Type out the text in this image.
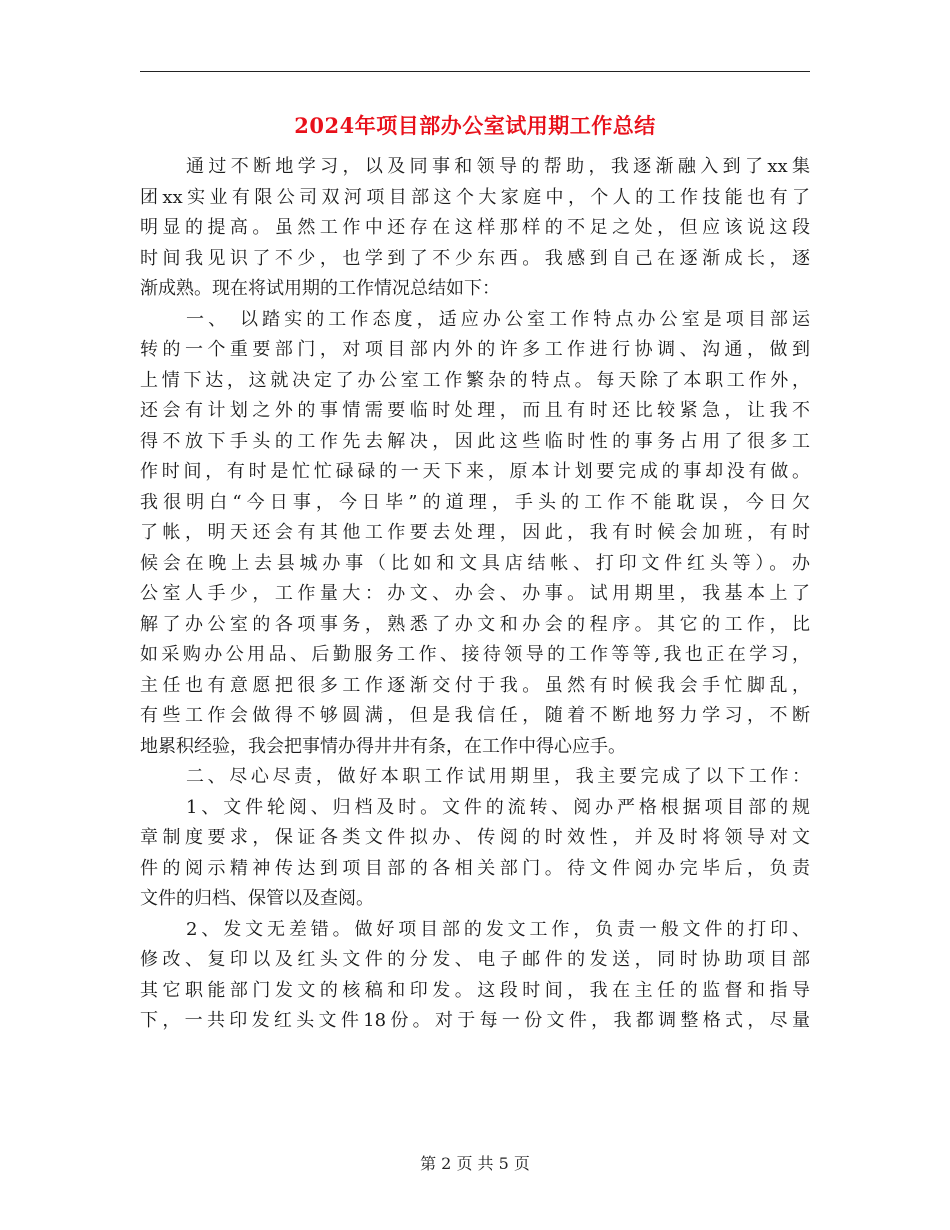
2024年项目部办公室试用期工作总结
通过不断地学习，以及同事和领导的帮助，我逐渐融入到了xx集
团xx实业有限公司双河项目部这个大家庭中，个人的工作技能也有了
明显的提高。虽然工作中还存在这样那样的不足之处，但应该说这段
时间我见识了不少，也学到了不少东西。我感到自己在逐渐成长，逐
渐成熟。现在将试用期的工作情况总结如下：
一、 以踏实的工作态度，适应办公室工作特点办公室是项目部运
转的一个重要部门，对项目部内外的许多工作进行协调、沟通，做到
上情下达，这就决定了办公室工作繁杂的特点。每天除了本职工作外，
还会有计划之外的事情需要临时处理，而且有时还比较紧急，让我不
得不放下手头的工作先去解决，因此这些临时性的事务占用了很多工
作时间，有时是忙忙碌碌的一天下来，原本计划要完成的事却没有做。
我很明白“今日事，今日毕”的道理，手头的工作不能耽误，今日欠
了帐，明天还会有其他工作要去处理，因此，我有时候会加班，有时
候会在晚上去县城办事（比如和文具店结帐、打印文件红头等）。办
公室人手少，工作量大：办文、办会、办事。试用期里，我基本上了
解了办公室的各项事务，熟悉了办文和办会的程序。其它的工作，比
如采购办公用品、后勤服务工作、接待领导的工作等等,我也正在学习，
主任也有意愿把很多工作逐渐交付于我。虽然有时候我会手忙脚乱，
有些工作会做得不够圆满，但是我信任，随着不断地努力学习，不断
地累积经验，我会把事情办得井井有条，在工作中得心应手。
二、尽心尽责，做好本职工作试用期里，我主要完成了以下工作：
1、文件轮阅、归档及时。文件的流转、阅办严格根据项目部的规
章制度要求，保证各类文件拟办、传阅的时效性，并及时将领导对文
件的阅示精神传达到项目部的各相关部门。待文件阅办完毕后，负责
文件的归档、保管以及查阅。
2、发文无差错。做好项目部的发文工作，负责一般文件的打印、
修改、复印以及红头文件的分发、电子邮件的发送，同时协助项目部
其它职能部门发文的核稿和印发。这段时间，我在主任的监督和指导
下，一共印发红头文件18份。对于每一份文件，我都调整格式，尽量
第 2 页 共 5 页
